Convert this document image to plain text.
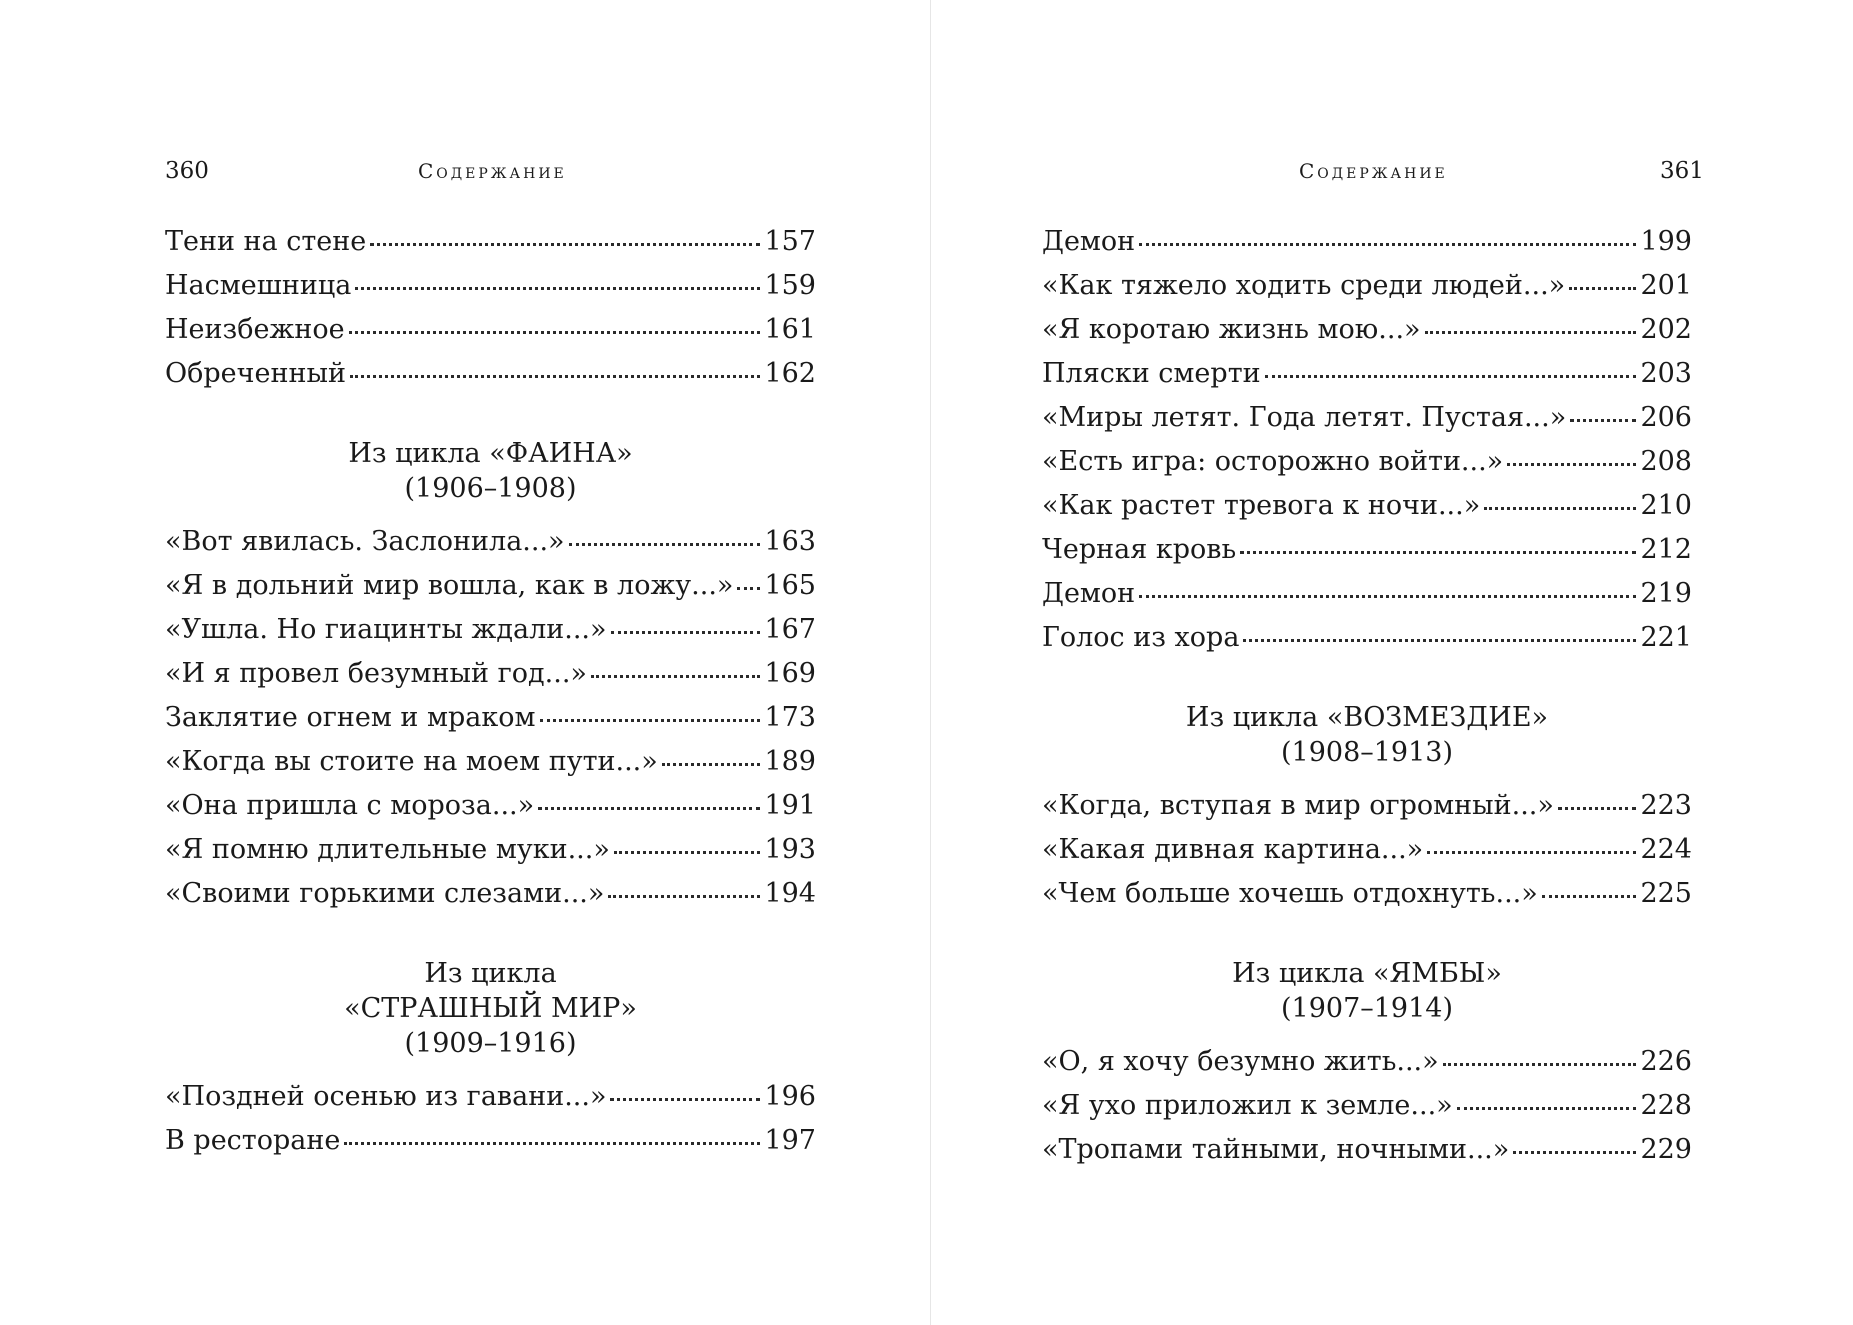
360	Содержание
Тени на стене	157
Насмешница	159
Неизбежное	161
Обреченный	162
Из цикла «ФАИНА»
(1906–1908)
«Вот явилась. Заслонила...»	163
«Я в дольний мир вошла, как в ложу...» 165
«Ушла. Но гиацинты ждали...»	167
«И я провел безумный год...»	169
Заклятие огнем и мраком	173
«Когда вы стоите на моем пути...»	189
«Она пришла с мороза...»	191
«Я помню длительные муки...»	193
«Своими горькими слезами...»	194
Из цикла
«СТРАШНЫЙ МИР»
(1909–1916)
«Поздней осенью из гавани...»	196
В ресторане	197
Содержание	361
Демон	199
«Как тяжело ходить среди людей...»	201
«Я коротаю жизнь мою...»	202
Пляски смерти	203
«Миры летят. Года летят. Пустая...»	206
«Есть игра: осторожно войти...»	208
«Как растет тревога к ночи...»	210
Черная кровь	212
Демон	219
Голос из хора	221
Из цикла «ВОЗМЕЗДИЕ»
(1908–1913)
«Когда, вступая в мир огромный...»	223
«Какая дивная картина...»	224
«Чем больше хочешь отдохнуть...»	225
Из цикла «ЯМБЫ»
(1907–1914)
«О, я хочу безумно жить...»	226
«Я ухо приложил к земле...»	228
«Тропами тайными, ночными...»	229
